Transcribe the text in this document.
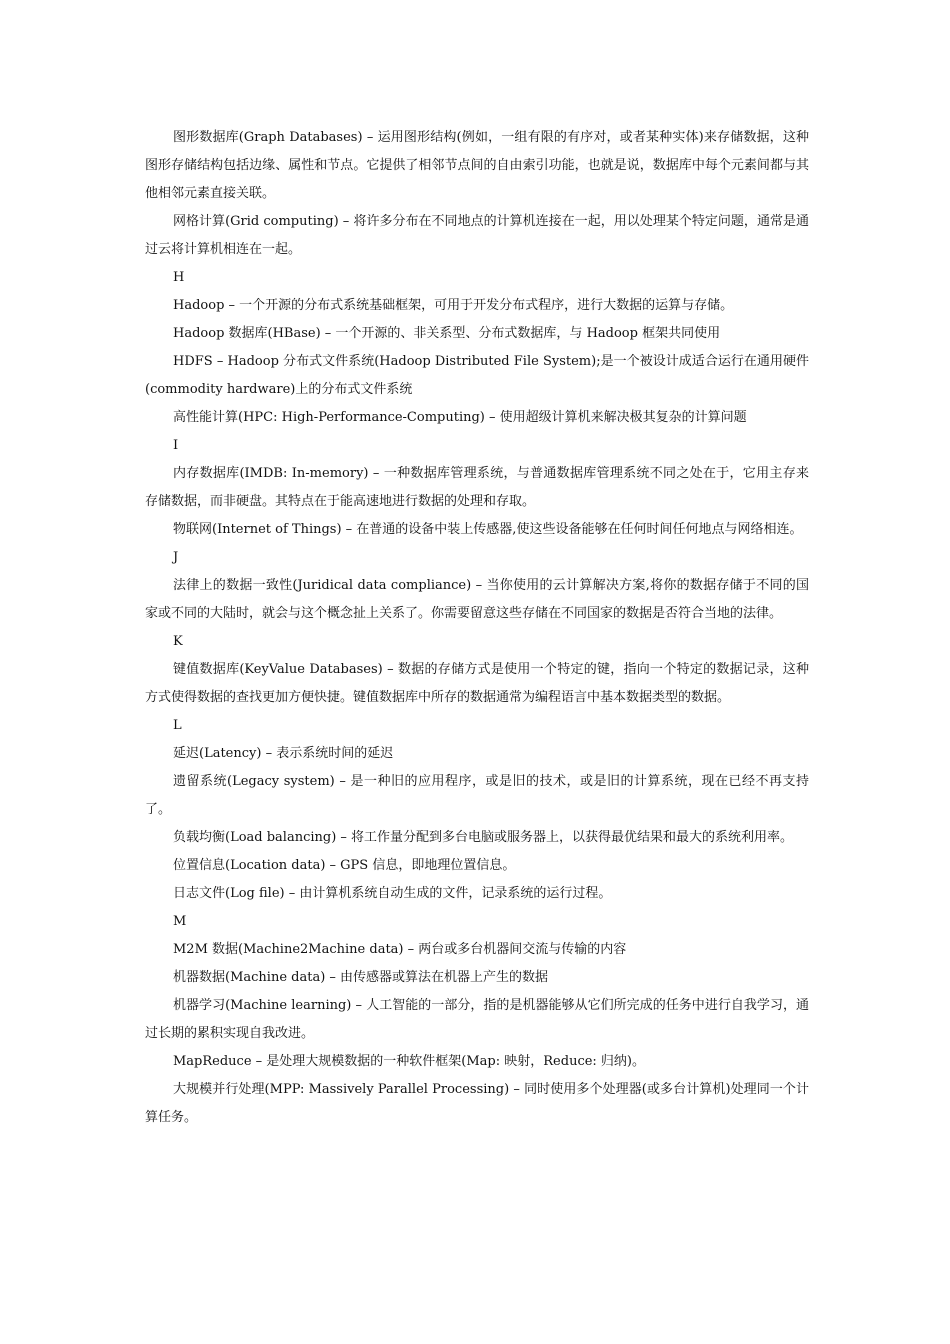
图形数据库(Graph Databases) – 运用图形结构(例如，一组有限的有序对，或者某种实体)来存储数据，这种图形存储结构包括边缘、属性和节点。它提供了相邻节点间的自由索引功能，也就是说，数据库中每个元素间都与其他相邻元素直接关联。

网格计算(Grid computing) – 将许多分布在不同地点的计算机连接在一起，用以处理某个特定问题，通常是通过云将计算机相连在一起。

H

Hadoop – 一个开源的分布式系统基础框架，可用于开发分布式程序，进行大数据的运算与存储。

Hadoop 数据库(HBase) – 一个开源的、非关系型、分布式数据库，与 Hadoop 框架共同使用

HDFS – Hadoop 分布式文件系统(Hadoop Distributed File System);是一个被设计成适合运行在通用硬件(commodity hardware)上的分布式文件系统

高性能计算(HPC: High-Performance-Computing) – 使用超级计算机来解决极其复杂的计算问题

I

内存数据库(IMDB: In-memory) – 一种数据库管理系统，与普通数据库管理系统不同之处在于，它用主存来存储数据，而非硬盘。其特点在于能高速地进行数据的处理和存取。

物联网(Internet of Things) – 在普通的设备中装上传感器,使这些设备能够在任何时间任何地点与网络相连。

J

法律上的数据一致性(Juridical data compliance) – 当你使用的云计算解决方案,将你的数据存储于不同的国家或不同的大陆时，就会与这个概念扯上关系了。你需要留意这些存储在不同国家的数据是否符合当地的法律。

K

键值数据库(KeyValue Databases) – 数据的存储方式是使用一个特定的键，指向一个特定的数据记录，这种方式使得数据的查找更加方便快捷。键值数据库中所存的数据通常为编程语言中基本数据类型的数据。

L

延迟(Latency) – 表示系统时间的延迟

遗留系统(Legacy system) – 是一种旧的应用程序，或是旧的技术，或是旧的计算系统，现在已经不再支持了。

负载均衡(Load balancing) – 将工作量分配到多台电脑或服务器上，以获得最优结果和最大的系统利用率。

位置信息(Location data) – GPS 信息，即地理位置信息。

日志文件(Log file) – 由计算机系统自动生成的文件，记录系统的运行过程。

M

M2M 数据(Machine2Machine data) – 两台或多台机器间交流与传输的内容

机器数据(Machine data) – 由传感器或算法在机器上产生的数据

机器学习(Machine learning) – 人工智能的一部分，指的是机器能够从它们所完成的任务中进行自我学习，通过长期的累积实现自我改进。

MapReduce – 是处理大规模数据的一种软件框架(Map: 映射，Reduce: 归纳)。

大规模并行处理(MPP: Massively Parallel Processing) – 同时使用多个处理器(或多台计算机)处理同一个计算任务。
